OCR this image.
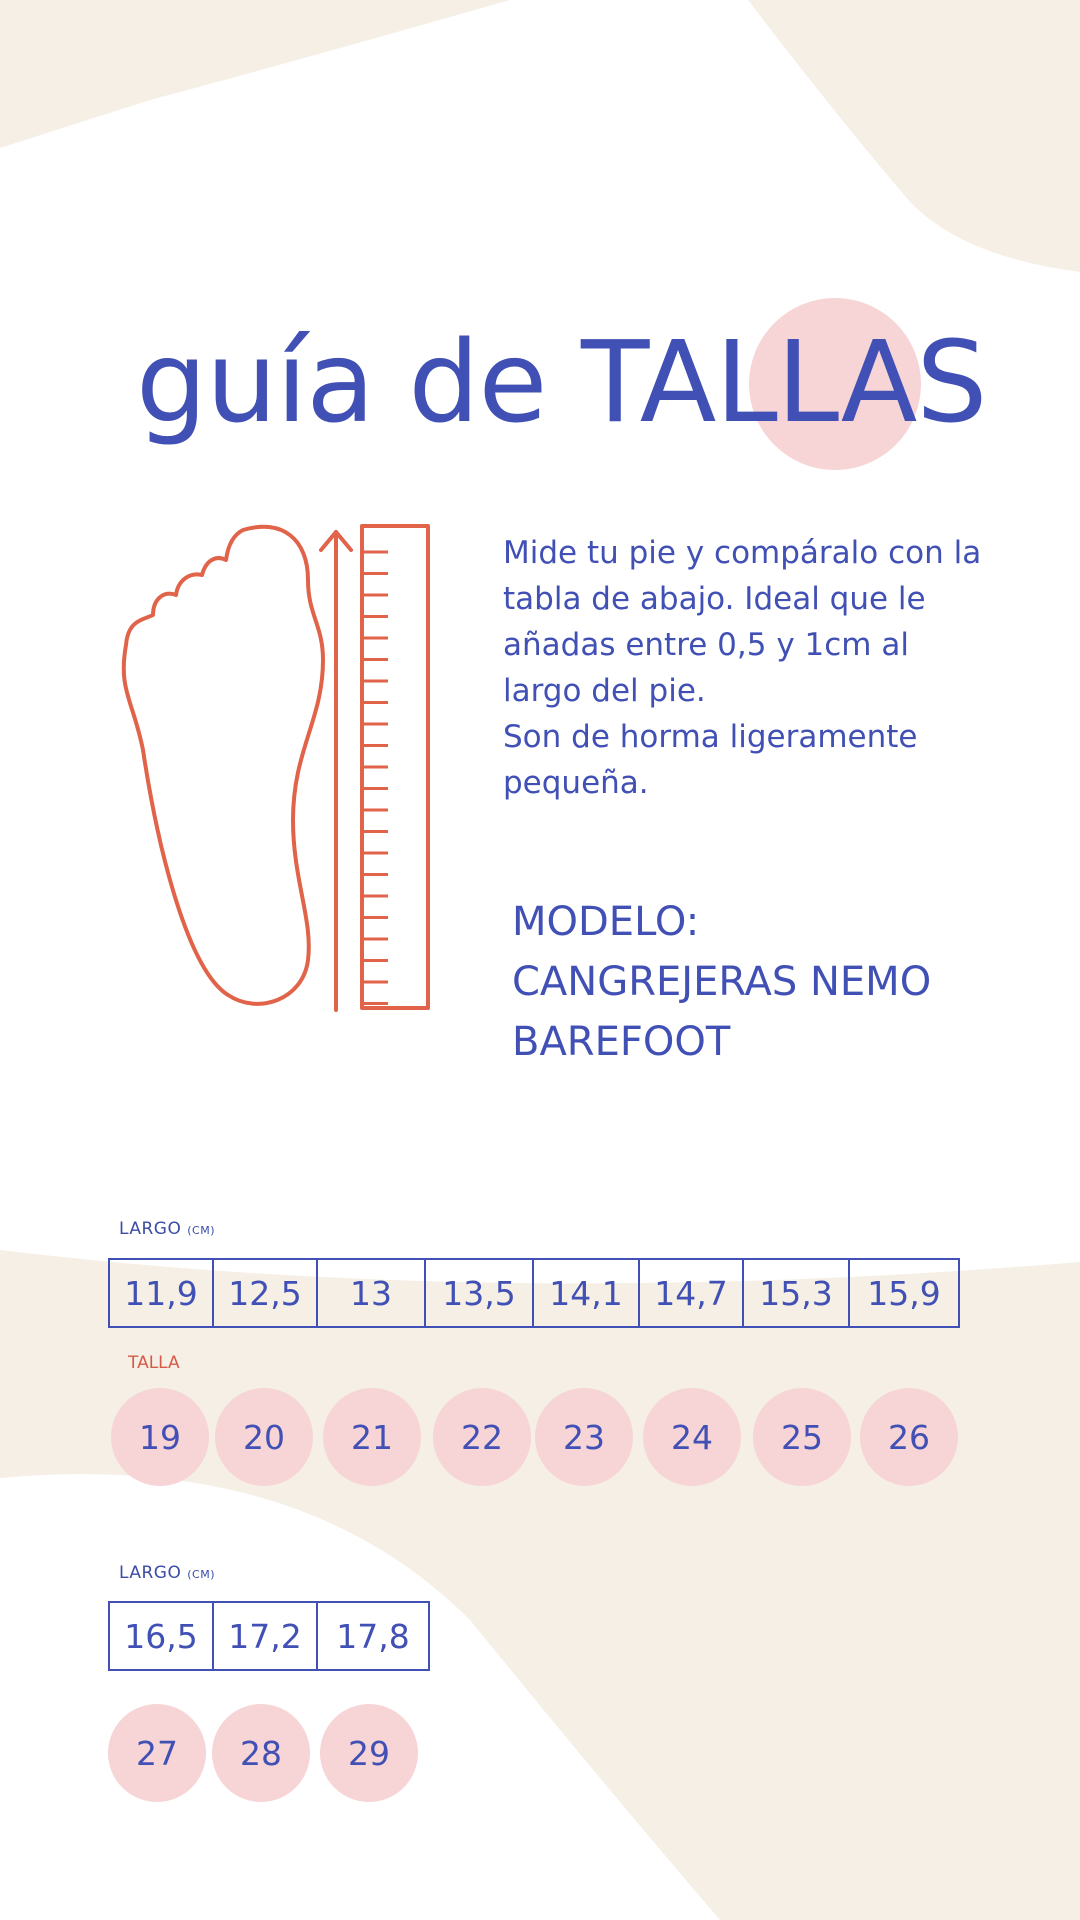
guía de TALLAS

Mide tu pie y compáralo con la tabla de abajo. Ideal que le añadas entre 0,5 y 1cm al largo del pie.

Son de horma ligeramente pequeña.

MODELO:
CANGREJERAS NEMO
BAREFOOT
LARGO (CM)
11,9	12,5	13	13,5	14,1	14,7	15,3	15,9
TALLA
19	20	21	22	23	24	25	26
LARGO (CM)
16,5	17,2	17,8
27	28	29
